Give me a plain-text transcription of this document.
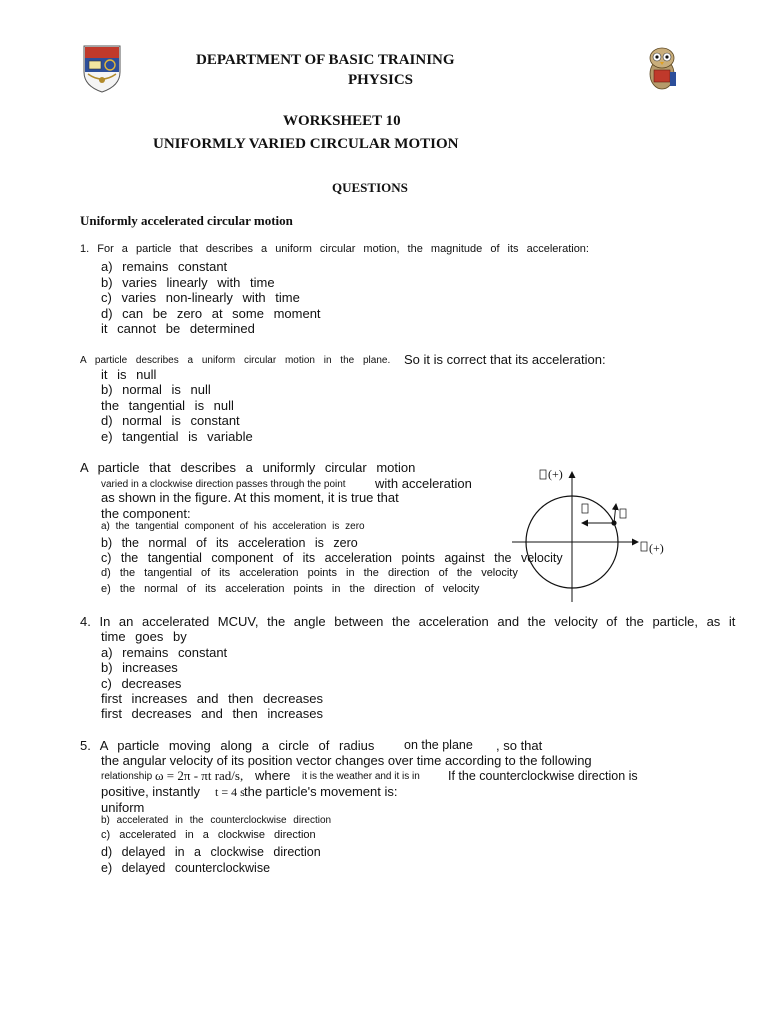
DEPARTMENT OF BASIC TRAINING
PHYSICS
WORKSHEET 10
UNIFORMLY VARIED CIRCULAR MOTION
QUESTIONS
Uniformly accelerated circular motion
1. For a particle that describes a uniform circular motion, the magnitude of its acceleration:
a) remains constant
b) varies linearly with time
c) varies non-linearly with time
d) can be zero at some moment
it cannot be determined
A particle describes a uniform circular motion in the plane. So it is correct that its acceleration:
it is null
b) normal is null
the tangential is null
d) normal is constant
e) tangential is variable
A particle that describes a uniformly circular motion
varied in a clockwise direction passes through the point with acceleration
as shown in the figure. At this moment, it is true that
the component:
a) the tangential component of his acceleration is zero
b) the normal of its acceleration is zero
c) the tangential component of its acceleration points against the velocity
d) the tangential of its acceleration points in the direction of the velocity
e) the normal of its acceleration points in the direction of velocity
(+)
(+)
4. In an accelerated MCUV, the angle between the acceleration and the velocity of the particle, as it
time goes by
a) remains constant
b) increases
c) decreases
first increases and then decreases
first decreases and then increases
5. A particle moving along a circle of radius on the plane , so that
the angular velocity of its position vector changes over time according to the following
relationship ω = 2π - πt rad/s, where it is the weather and it is in If the counterclockwise direction is
positive, instantly t = 4 s the particle's movement is:
uniform
b) accelerated in the counterclockwise direction
c) accelerated in a clockwise direction
d) delayed in a clockwise direction
e) delayed counterclockwise
